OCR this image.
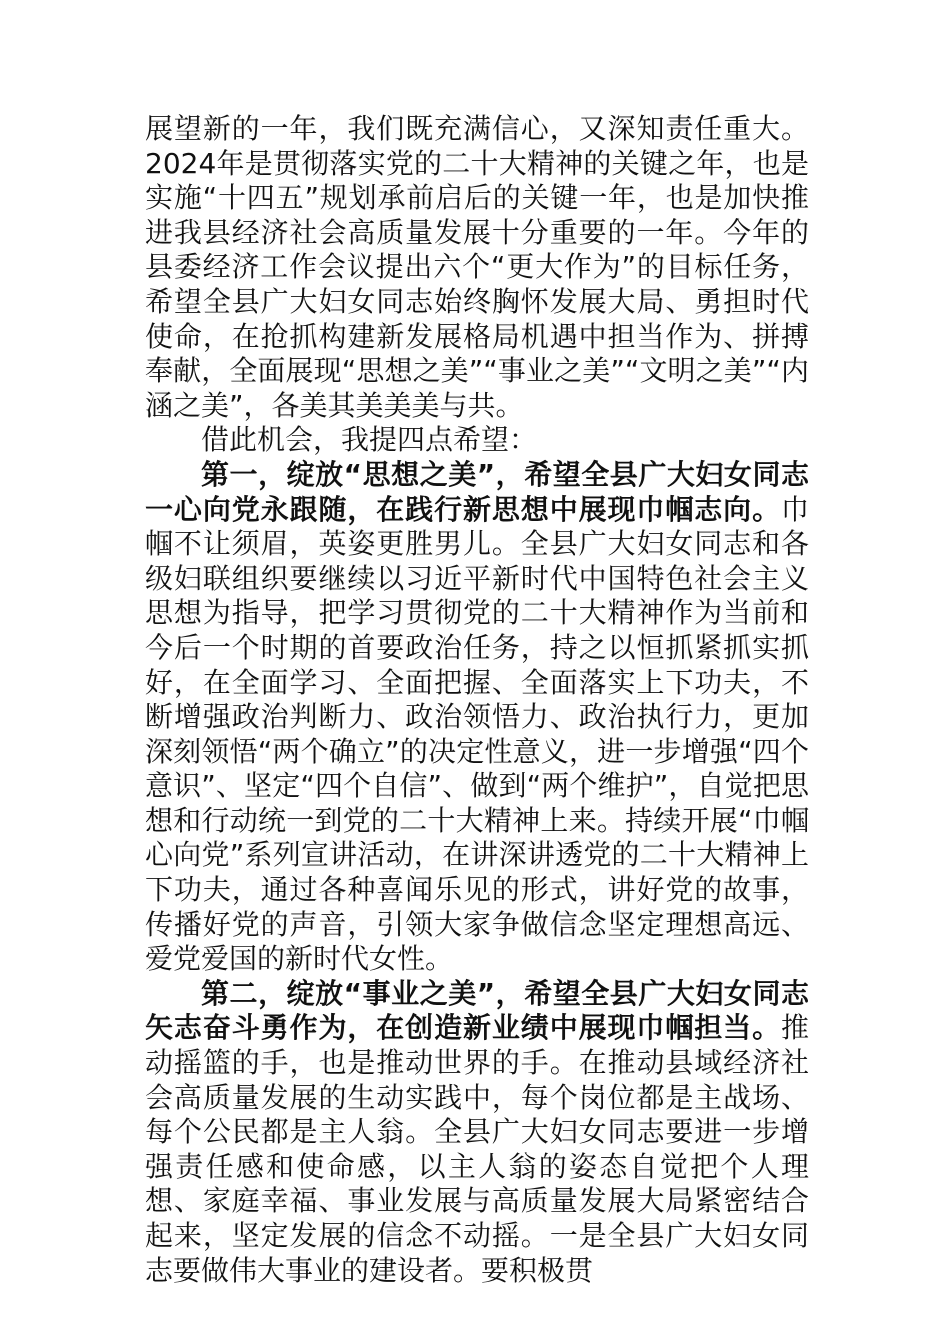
展望新的一年，我们既充满信心，又深知责任重大。2024年是贯彻落实党的二十大精神的关键之年，也是实施“十四五”规划承前启后的关键一年，也是加快推进我县经济社会高质量发展十分重要的一年。今年的县委经济工作会议提出六个“更大作为”的目标任务，希望全县广大妇女同志始终胸怀发展大局、勇担时代使命，在抢抓构建新发展格局机遇中担当作为、拼搏奉献，全面展现“思想之美”“事业之美”“文明之美”“内涵之美”，各美其美美美与共。

借此机会，我提四点希望：

第一，绽放“思想之美”，希望全县广大妇女同志一心向党永跟随，在践行新思想中展现巾帼志向。巾帼不让须眉，英姿更胜男儿。全县广大妇女同志和各级妇联组织要继续以习近平新时代中国特色社会主义思想为指导，把学习贯彻党的二十大精神作为当前和今后一个时期的首要政治任务，持之以恒抓紧抓实抓好，在全面学习、全面把握、全面落实上下功夫，不断增强政治判断力、政治领悟力、政治执行力，更加深刻领悟“两个确立”的决定性意义，进一步增强“四个意识”、坚定“四个自信”、做到“两个维护”，自觉把思想和行动统一到党的二十大精神上来。持续开展“巾帼心向党”系列宣讲活动，在讲深讲透党的二十大精神上下功夫，通过各种喜闻乐见的形式，讲好党的故事，传播好党的声音，引领大家争做信念坚定理想高远、爱党爱国的新时代女性。

第二，绽放“事业之美”，希望全县广大妇女同志矢志奋斗勇作为，在创造新业绩中展现巾帼担当。推动摇篮的手，也是推动世界的手。在推动县域经济社会高质量发展的生动实践中，每个岗位都是主战场、每个公民都是主人翁。全县广大妇女同志要进一步增强责任感和使命感，以主人翁的姿态自觉把个人理想、家庭幸福、事业发展与高质量发展大局紧密结合起来，坚定发展的信念不动摇。一是全县广大妇女同志要做伟大事业的建设者。要积极贯
